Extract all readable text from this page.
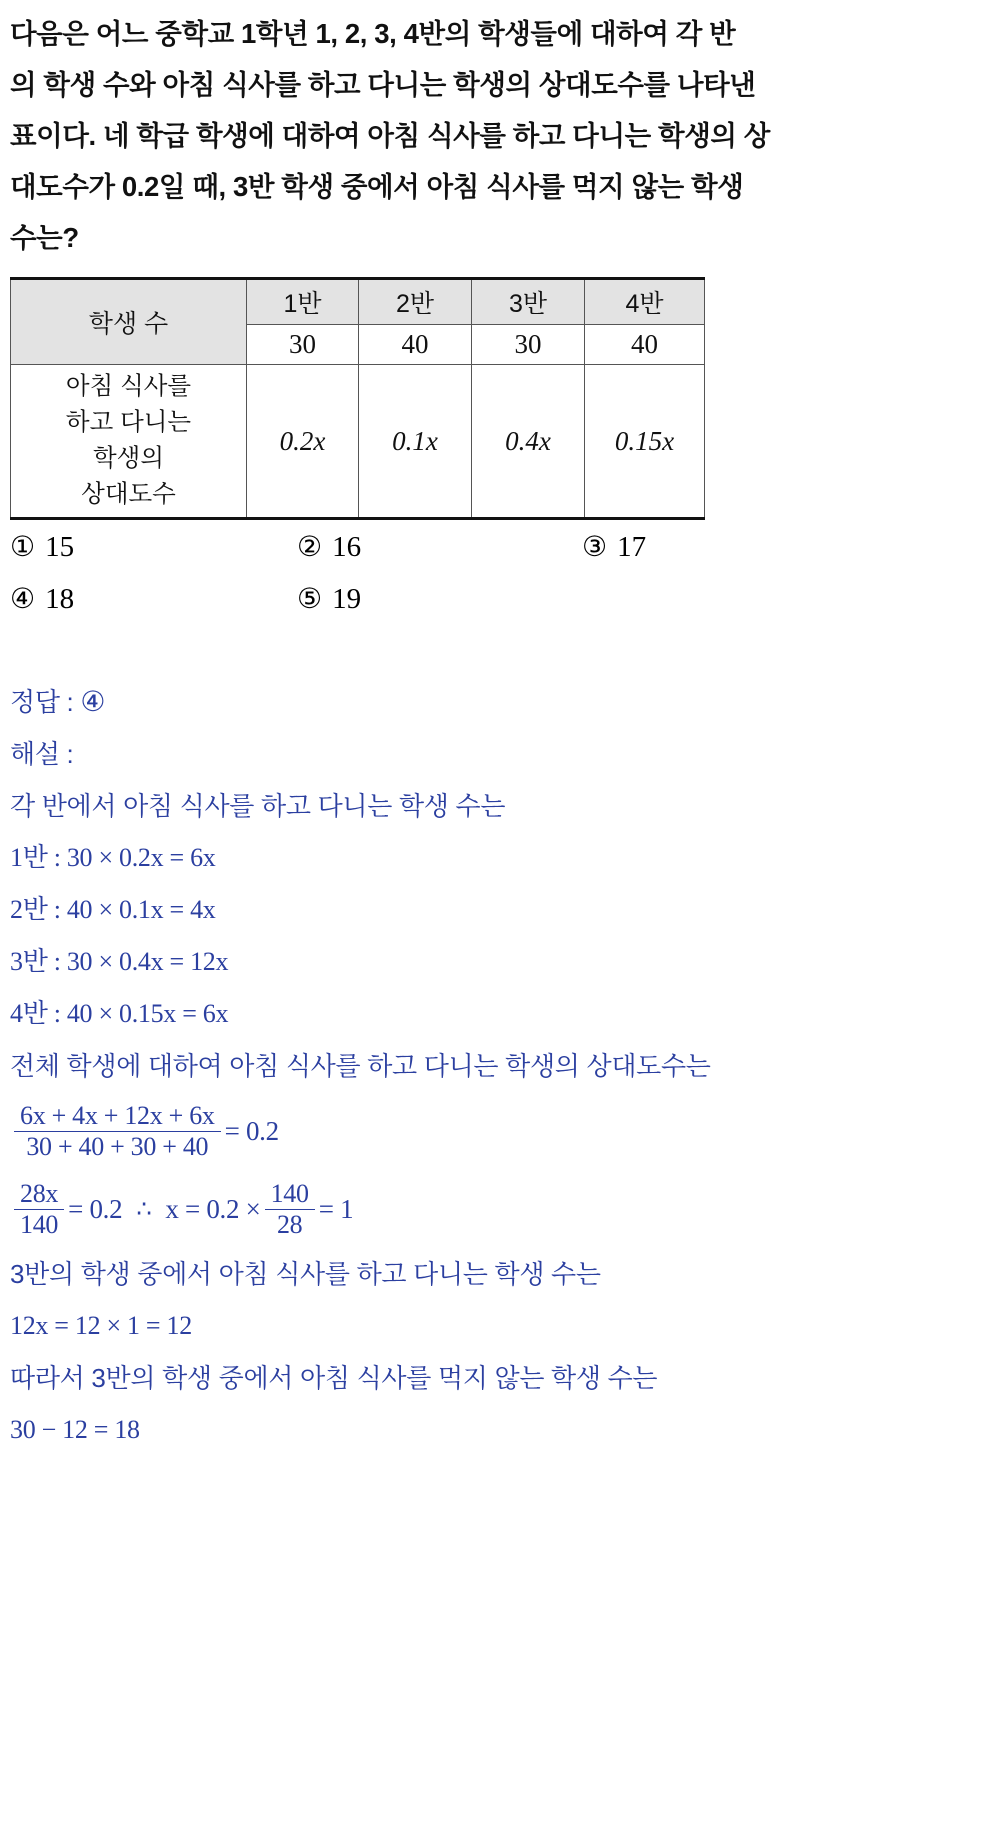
다음은 어느 중학교 1학년 1, 2, 3, 4반의 학생들에 대하여 각 반
의 학생 수와 아침 식사를 하고 다니는 학생의 상대도수를 나타낸
표이다. 네 학급 학생에 대하여 아침 식사를 하고 다니는 학생의 상
대도수가 0.2일 때, 3반 학생 중에서 아침 식사를 먹지 않는 학생
수는?
학생 수	1반	2반	3반	4반
	30	40	30	40

아침 식사를
하고 다니는
학생의
상대도수	0.2x	0.1x	0.4x	0.15x
① 15	② 16	③ 17
④ 18	⑤ 19
정답 : ④
해설 :
각 반에서 아침 식사를 하고 다니는 학생 수는
1반 : 30 × 0.2x = 6x
2반 : 40 × 0.1x = 4x
3반 : 30 × 0.4x = 12x
4반 : 40 × 0.15x = 6x
전체 학생에 대하여 아침 식사를 하고 다니는 학생의 상대도수는
$\frac{6x + 4x + 12x + 6x}{30 + 40 + 30 + 40} = 0.2$
$\frac{28x}{140} = 0.2$ ∴ $x = 0.2 \times \frac{140}{28} = 1$
3반의 학생 중에서 아침 식사를 하고 다니는 학생 수는
12x = 12 × 1 = 12
따라서 3반의 학생 중에서 아침 식사를 먹지 않는 학생 수는
30 − 12 = 18
